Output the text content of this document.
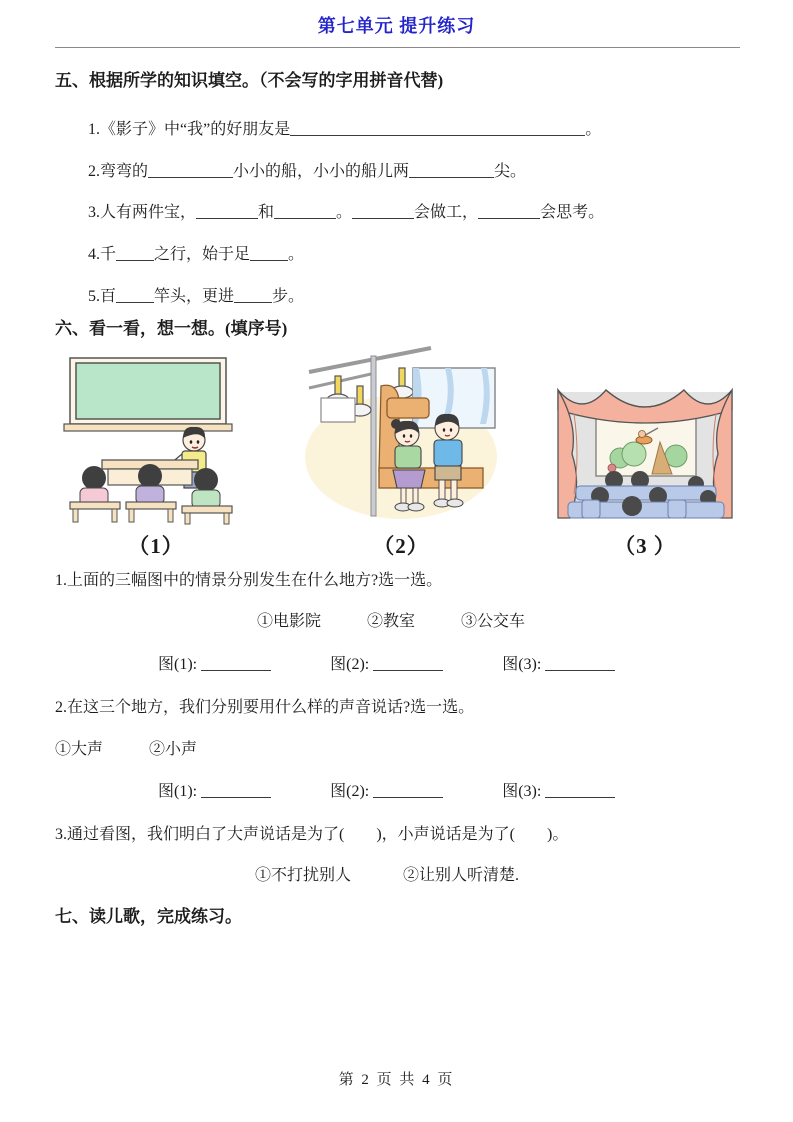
第七单元 提升练习
五、根据所学的知识填空。（不会写的字用拼音代替)
1.《影子》中“我”的好朋友是	。
2.弯弯的	小小的船，小小的船儿两	尖。
3.人有两件宝，	和	。	会做工，	会思考。
4.千 之行，始于足 。
5.百 竿头，更进 步。
六、看一看，想一想。(填序号)
（1）	（2）	（3 ）
1.上面的三幅图中的情景分别发生在什么地方?选一选。
①电影院	②教室	③公交车
图(1):	图(2):	图(3):
2.在这三个地方，我们分别要用什么样的声音说话?选一选。
①大声	②小声
图(1):	图(2):	图(3):
3.通过看图，我们明白了大声说话是为了(　　)，小声说话是为了(　　)。
①不打扰别人	②让别人听清楚.
七、读儿歌，完成练习。
第 2 页 共 4 页
